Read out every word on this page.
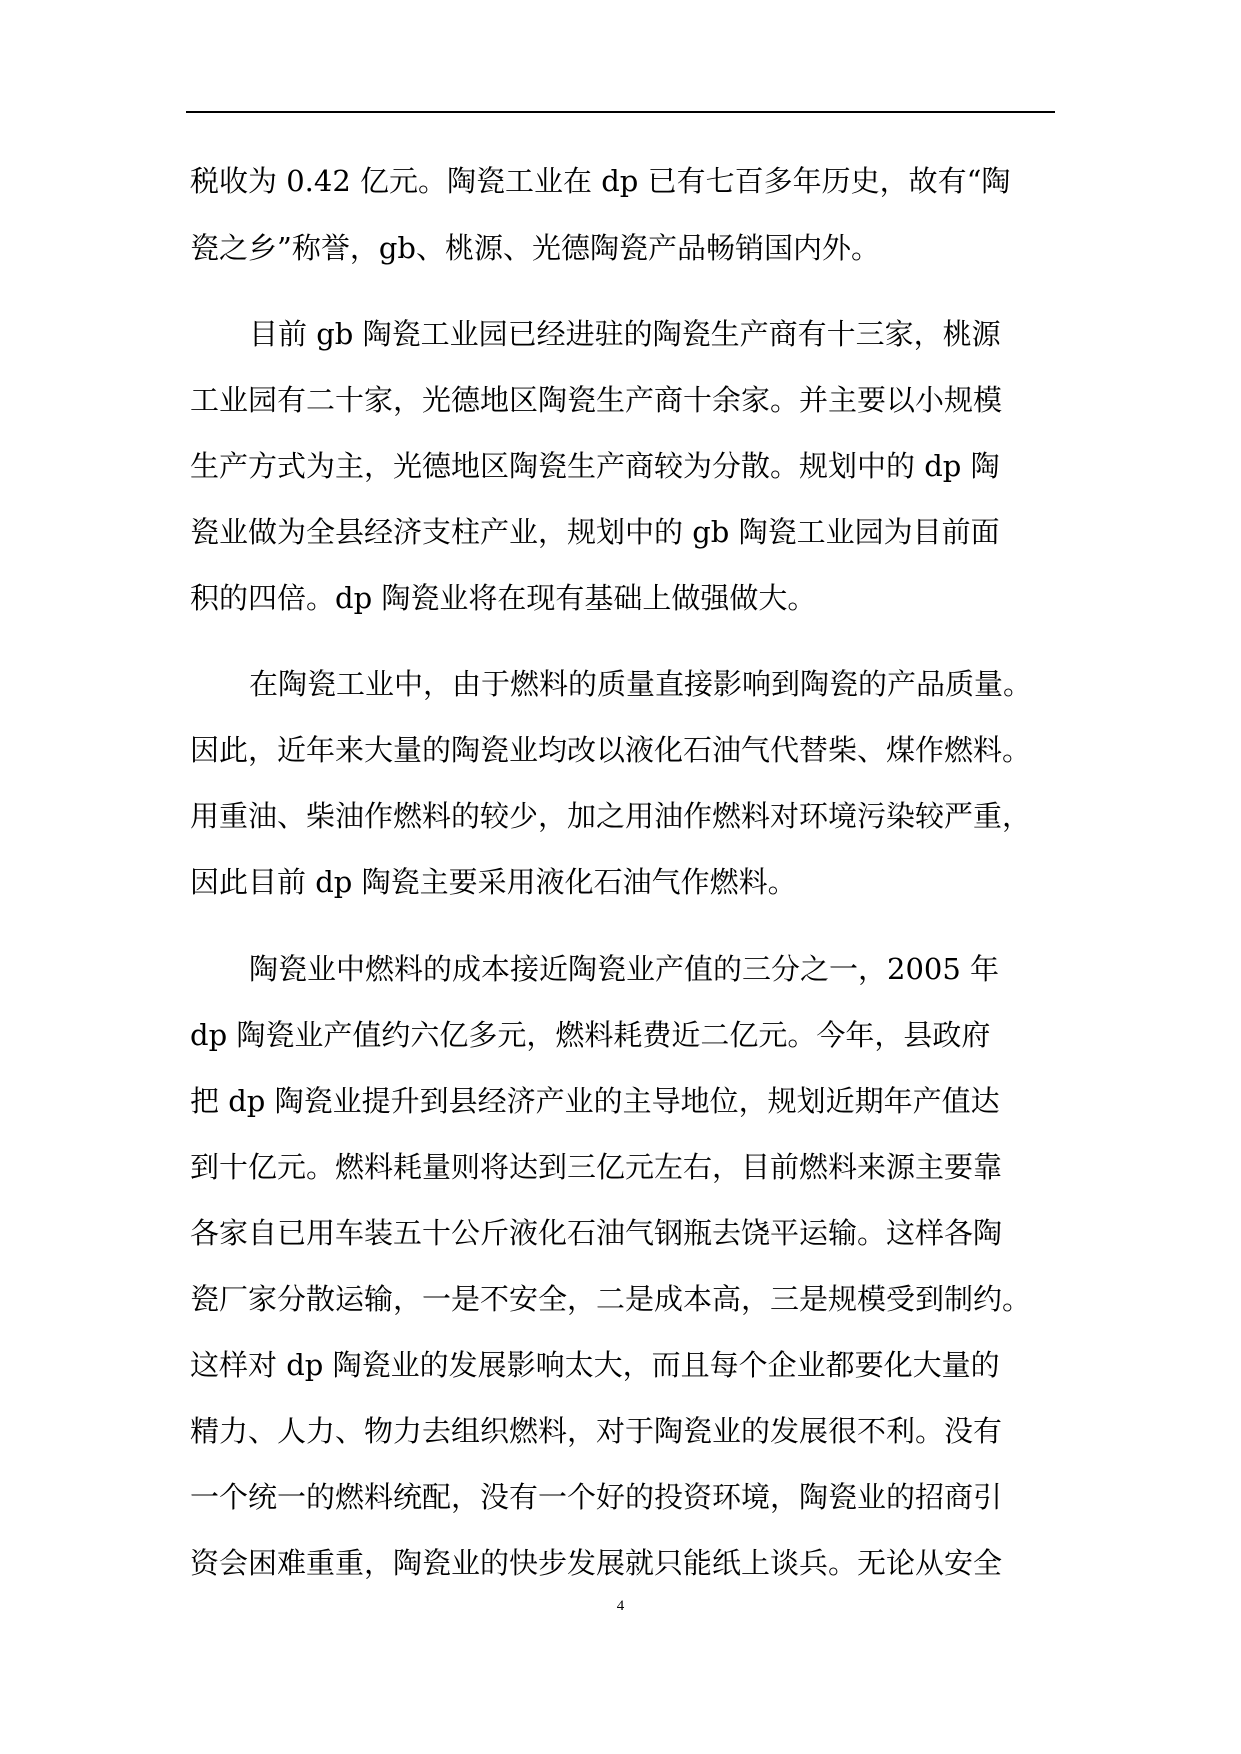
税收为 0.42 亿元。陶瓷工业在 dp 已有七百多年历史，故有“陶
瓷之乡”称誉，gb、桃源、光德陶瓷产品畅销国内外。
目前 gb 陶瓷工业园已经进驻的陶瓷生产商有十三家，桃源
工业园有二十家，光德地区陶瓷生产商十余家。并主要以小规模
生产方式为主，光德地区陶瓷生产商较为分散。规划中的 dp 陶
瓷业做为全县经济支柱产业，规划中的 gb 陶瓷工业园为目前面
积的四倍。dp 陶瓷业将在现有基础上做强做大。
在陶瓷工业中，由于燃料的质量直接影响到陶瓷的产品质量。
因此，近年来大量的陶瓷业均改以液化石油气代替柴、煤作燃料。
用重油、柴油作燃料的较少，加之用油作燃料对环境污染较严重，
因此目前 dp 陶瓷主要采用液化石油气作燃料。
陶瓷业中燃料的成本接近陶瓷业产值的三分之一，2005 年
dp 陶瓷业产值约六亿多元，燃料耗费近二亿元。今年，县政府
把 dp 陶瓷业提升到县经济产业的主导地位，规划近期年产值达
到十亿元。燃料耗量则将达到三亿元左右，目前燃料来源主要靠
各家自已用车装五十公斤液化石油气钢瓶去饶平运输。这样各陶
瓷厂家分散运输，一是不安全，二是成本高，三是规模受到制约。
这样对 dp 陶瓷业的发展影响太大，而且每个企业都要化大量的
精力、人力、物力去组织燃料，对于陶瓷业的发展很不利。没有
一个统一的燃料统配，没有一个好的投资环境，陶瓷业的招商引
资会困难重重，陶瓷业的快步发展就只能纸上谈兵。无论从安全
4
